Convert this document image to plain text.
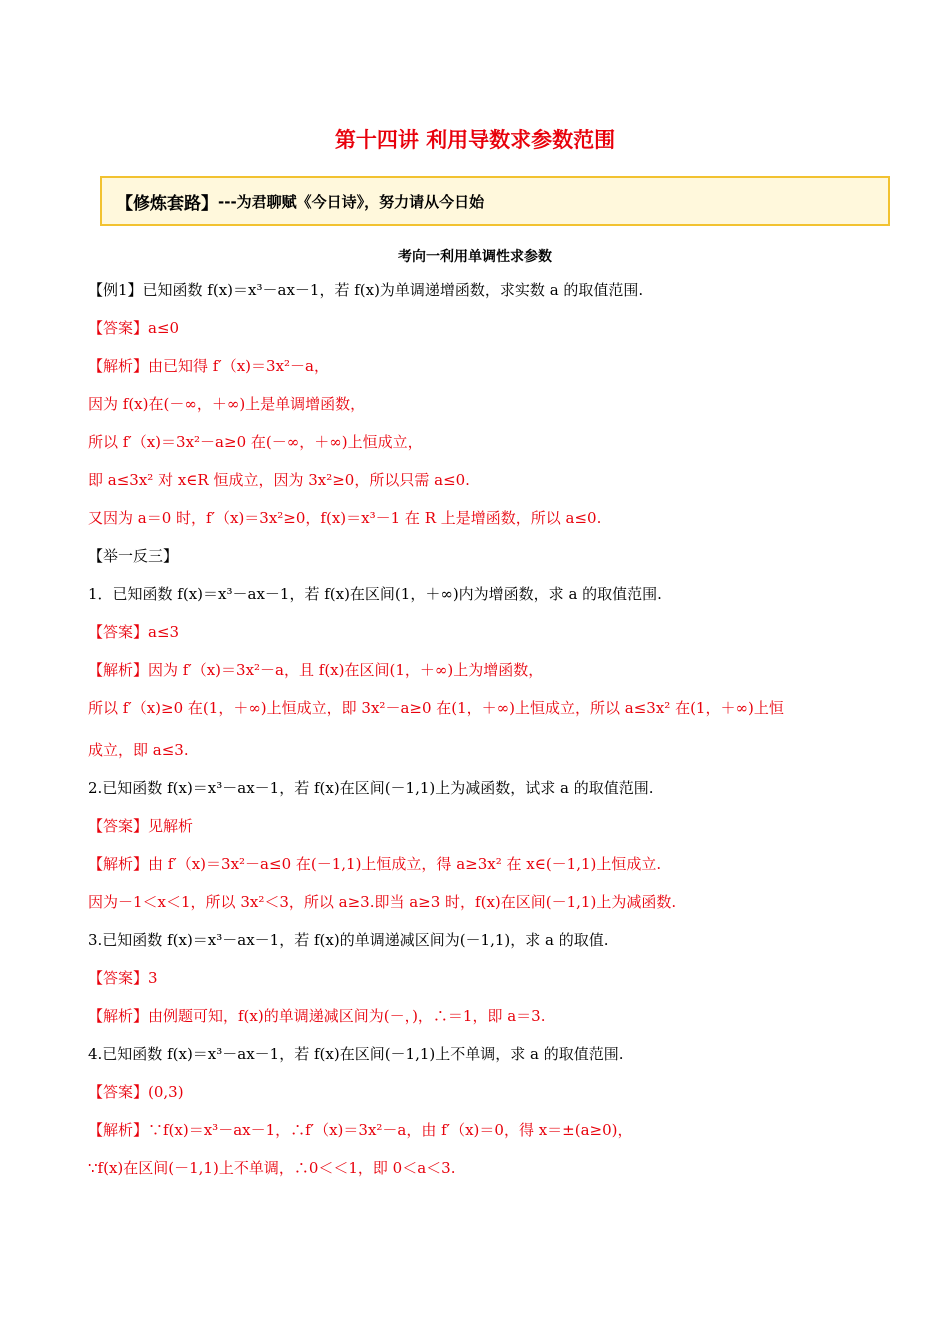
第十四讲 利用导数求参数范围
【修炼套路】 ---为君聊赋《今日诗》，努力请从今日始
考向一利用单调性求参数
【例1】已知函数 f(x)＝x³－ax－1，若 f(x)为单调递增函数，求实数 a 的取值范围.
【答案】a≤0
【解析】由已知得 f′（x)＝3x²－a，
因为 f(x)在(－∞，＋∞)上是单调增函数，
所以 f′（x)＝3x²－a≥0 在(－∞，＋∞)上恒成立，
即 a≤3x² 对 x∈R 恒成立，因为 3x²≥0，所以只需 a≤0.
又因为 a＝0 时，f′（x)＝3x²≥0，f(x)＝x³－1 在 R 上是增函数，所以 a≤0.
【举一反三】
1．已知函数 f(x)＝x³－ax－1，若 f(x)在区间(1，＋∞)内为增函数，求 a 的取值范围.
【答案】a≤3
【解析】因为 f′（x)＝3x²－a，且 f(x)在区间(1，＋∞)上为增函数，
所以 f′（x)≥0 在(1，＋∞)上恒成立，即 3x²－a≥0 在(1，＋∞)上恒成立，所以 a≤3x² 在(1，＋∞)上恒
成立，即 a≤3.
2.已知函数 f(x)＝x³－ax－1，若 f(x)在区间(－1,1)上为减函数，试求 a 的取值范围.
【答案】见解析
【解析】由 f′（x)＝3x²－a≤0 在(－1,1)上恒成立，得 a≥3x² 在 x∈(－1,1)上恒成立.
因为－1＜x＜1，所以 3x²＜3，所以 a≥3.即当 a≥3 时，f(x)在区间(－1,1)上为减函数.
3.已知函数 f(x)＝x³－ax－1，若 f(x)的单调递减区间为(－1,1)，求 a 的取值.
【答案】3
【解析】由例题可知，f(x)的单调递减区间为(－，)，∴＝1，即 a＝3.
4.已知函数 f(x)＝x³－ax－1，若 f(x)在区间(－1,1)上不单调，求 a 的取值范围.
【答案】(0,3)
【解析】∵f(x)＝x³－ax－1，∴f′（x)＝3x²－a，由 f′（x)＝0，得 x＝±(a≥0)，
∵f(x)在区间(－1,1)上不单调，∴0＜＜1，即 0＜a＜3.
